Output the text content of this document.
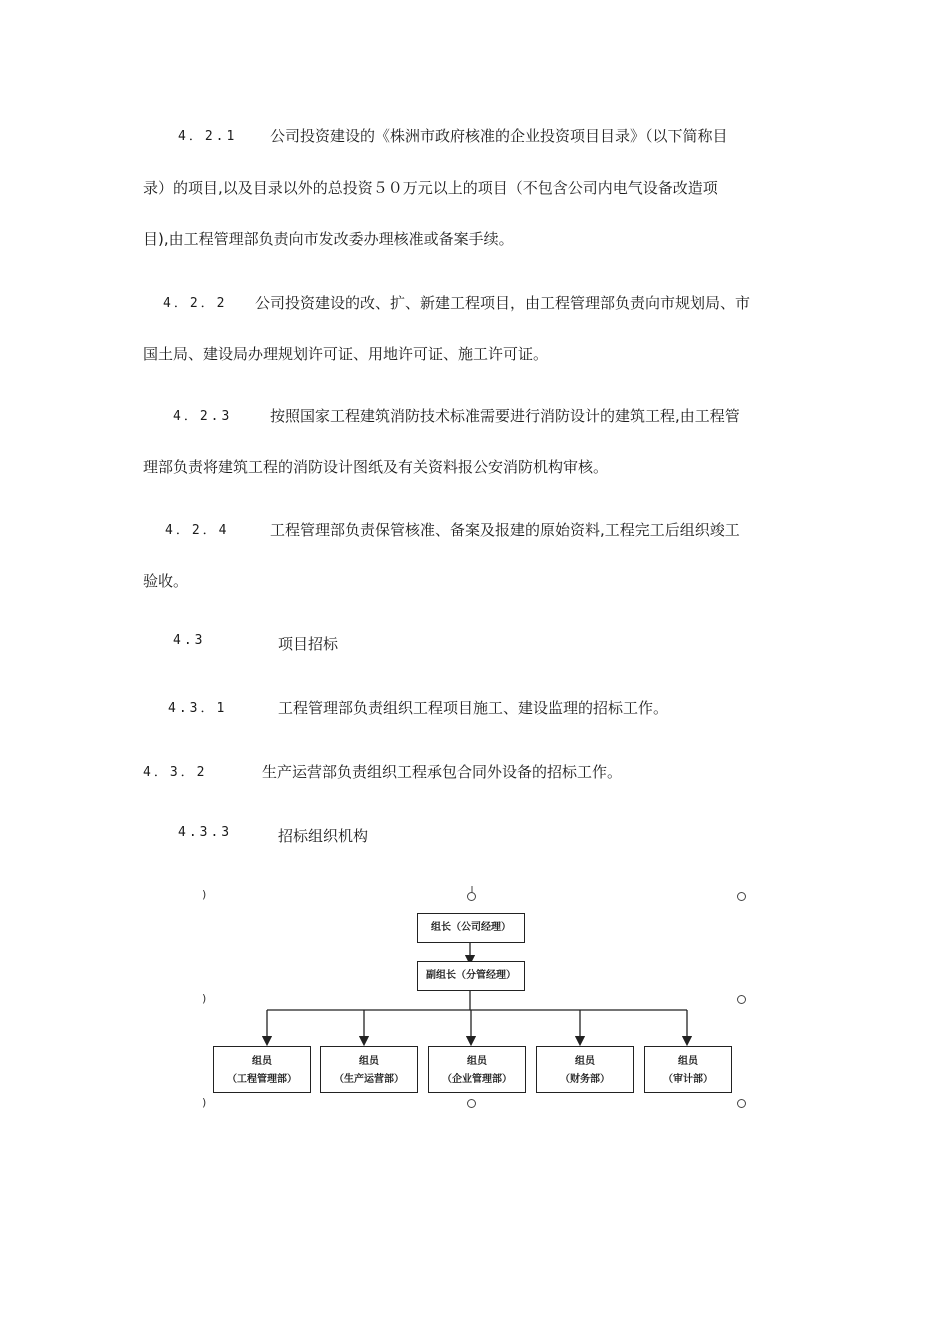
4．2.1 公司投资建设的《株洲市政府核准的企业投资项目目录》（以下简称目
录）的项目,以及目录以外的总投资５０万元以上的项目（不包含公司内电气设备改造项
目),由工程管理部负责向市发改委办理核准或备案手续。
4．2．2 公司投资建设的改、扩、新建工程项目，由工程管理部负责向市规划局、市
国土局、建设局办理规划许可证、用地许可证、施工许可证。
4．2.3	按照国家工程建筑消防技术标准需要进行消防设计的建筑工程,由工程管
理部负责将建筑工程的消防设计图纸及有关资料报公安消防机构审核。
4．2．4	工程管理部负责保管核准、备案及报建的原始资料,工程完工后组织竣工
验收。
4.3	项目招标
4.3．1	工程管理部负责组织工程项目施工、建设监理的招标工作。
4．3．2	生产运营部负责组织工程承包合同外设备的招标工作。
4.3.3	招标组织机构
)
)
)
组长（公司经理）
副组长（分管经理）
组员
（工程管理部）
组员
（生产运营部）
组员
（企业管理部）
组员
（财务部）
组员
（审计部）
